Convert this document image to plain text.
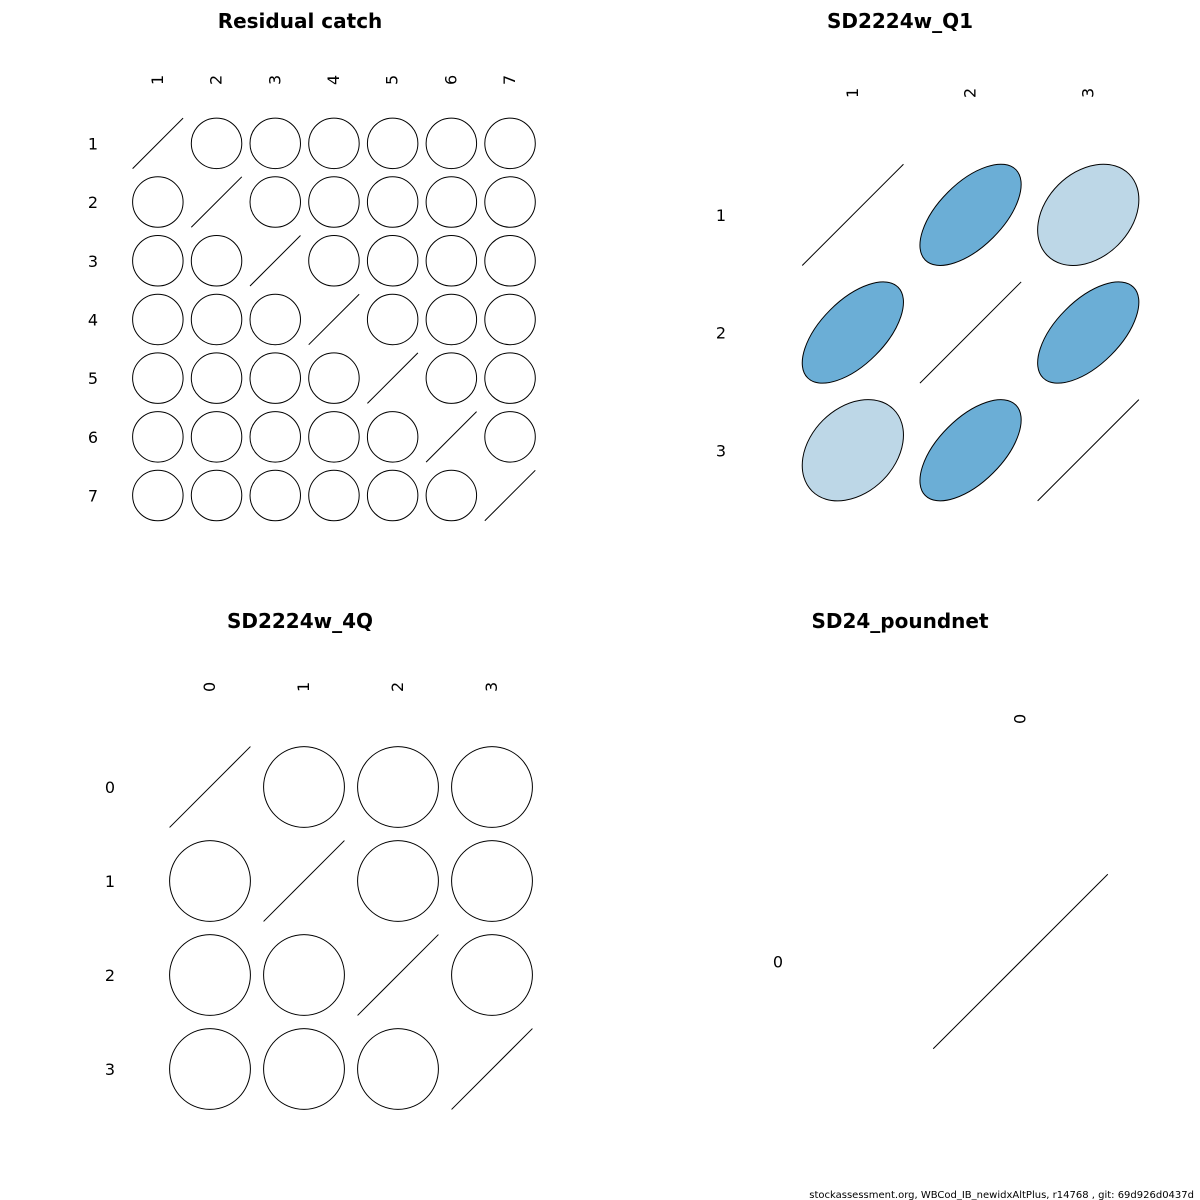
Residual catch
1 2 3 4 5 6 7
1
2
3
4
5
6
7
SD2224w_Q1
1	2	3
1
2
3
SD2224w_4Q
0	1	2	3
0
1
2
3
SD24_poundnet
0
0
stockassessment.org, WBCod_IB_newidxAltPlus, r14768 , git: 69d926d0437d
